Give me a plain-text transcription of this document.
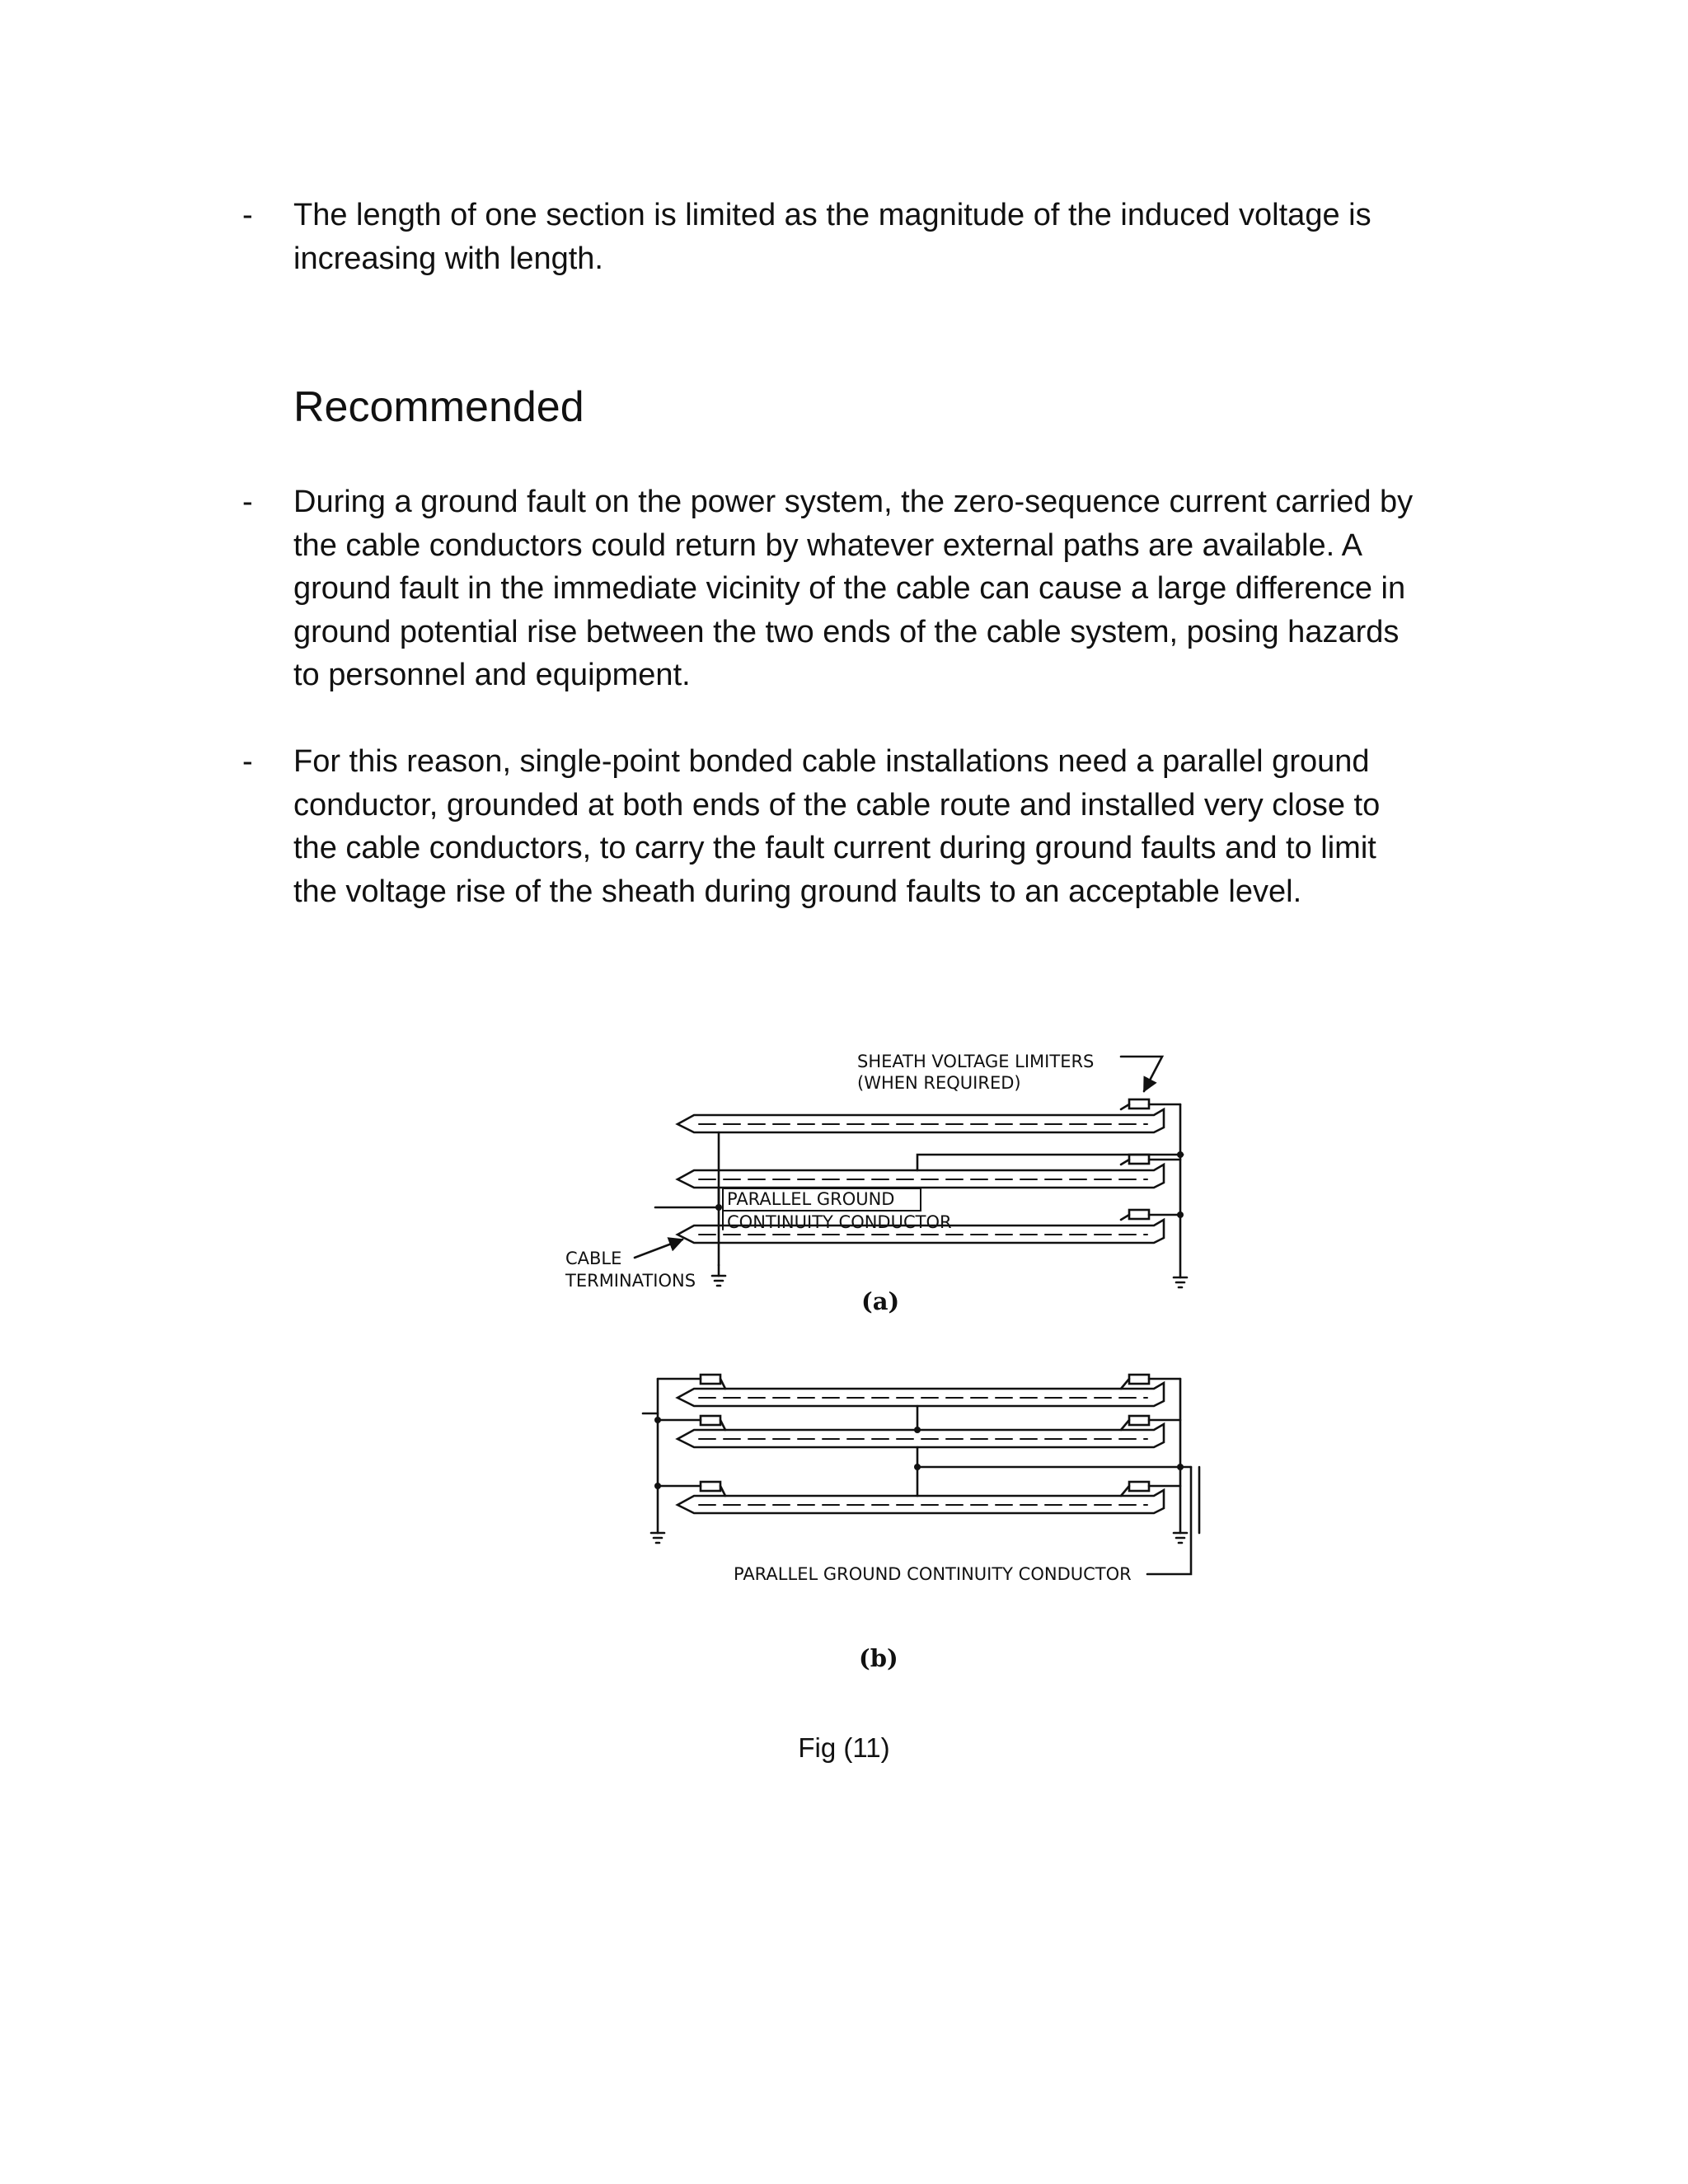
- The length of one section is limited as the magnitude of the induced voltage is
increasing with length.
Recommended
- During a ground fault on the power system, the zero-sequence current carried by
the cable conductors could return by whatever external paths are available. A
ground fault in the immediate vicinity of the cable can cause a large difference in
ground potential rise between the two ends of the cable system, posing hazards
to personnel and equipment.
- For this reason, single-point bonded cable installations need a parallel ground
conductor, grounded at both ends of the cable route and installed very close to
the cable conductors, to carry the fault current during ground faults and to limit
the voltage rise of the sheath during ground faults to an acceptable level.
SHEATH VOLTAGE LIMITERS
(WHEN REQUIRED)
PARALLEL GROUND
CONTINUITY CONDUCTOR
CABLE
TERMINATIONS
(a)
PARALLEL GROUND CONTINUITY CONDUCTOR
(b)
Fig (11)
